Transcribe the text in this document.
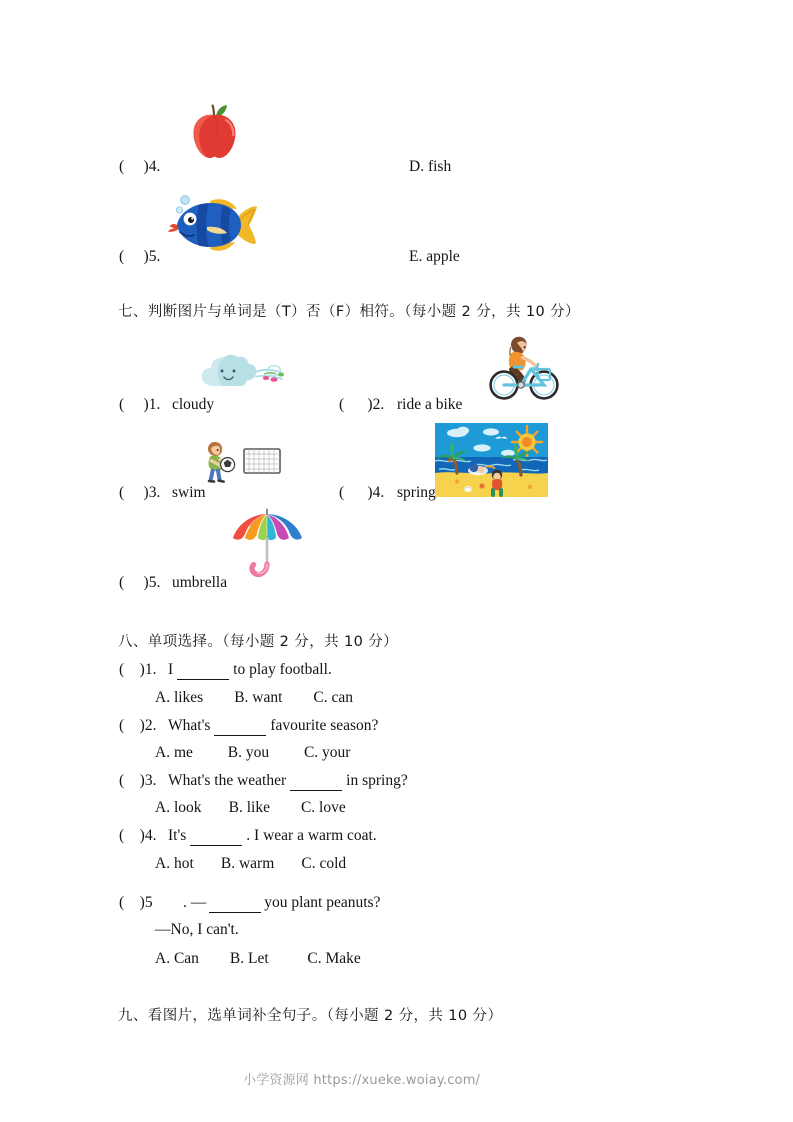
(     )4.	D. fish
(     )5.	E. apple
七、判断图片与单词是（T）否（F）相符。（每小题 2 分，共 10 分）
(     )1. cloudy	(      )2. ride a bike
(     )3. swim	(      )4. spring
(     )5. umbrella
八、单项选择。（每小题 2 分，共 10 分）
(    )1. I	to play football.
A. likes        B. want        C. can
(    )2. What's	favourite season?
A. me         B. you         C. your
(    )3. What's the weather	in spring?
A. look       B. like        C. love
(    )4. It's	. I wear a warm coat.
A. hot       B. warm       C. cold
(    )5 . —	you plant peanuts?
—No, I can't.
A. Can        B. Let          C. Make
九、看图片，选单词补全句子。（每小题 2 分，共 10 分）
小学资源网 https://xueke.woiay.com/
